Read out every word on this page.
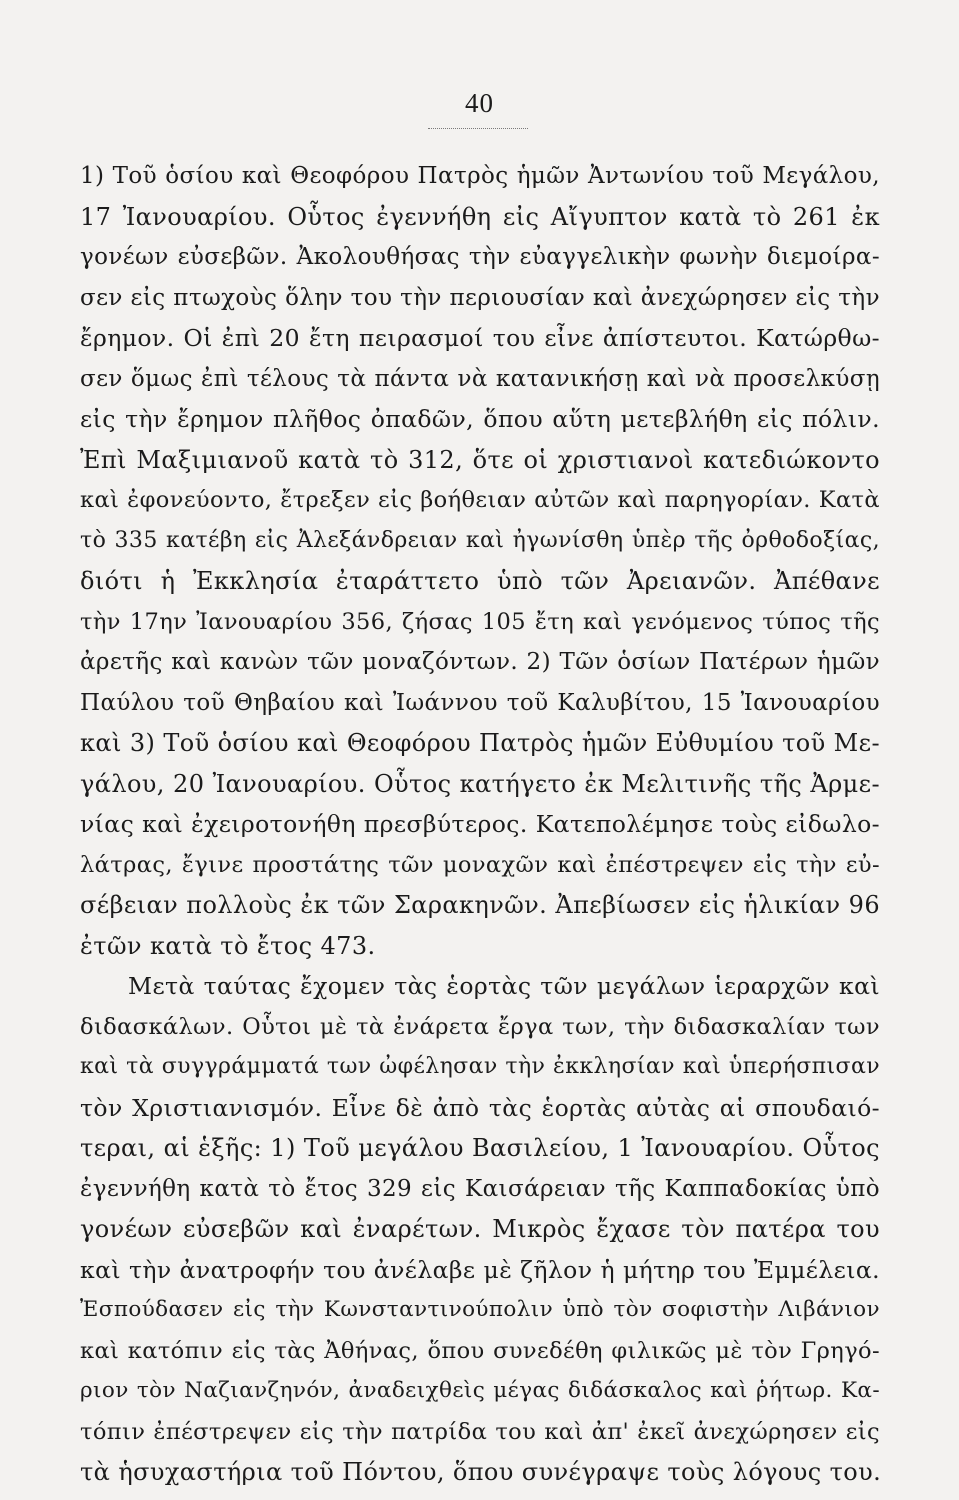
40
1) Τοῦ ὁσίου καὶ Θεοφόρου Πατρὸς ἡμῶν Ἀντωνίου τοῦ Μεγάλου,
17 Ἰανουαρίου. Οὗτος ἐγεννήθη εἰς Αἴγυπτον κατὰ τὸ 261 ἐκ
γονέων εὐσεβῶν. Ἀκολουθήσας τὴν εὐαγγελικὴν φωνὴν διεμοίρα-
σεν εἰς πτωχοὺς ὅλην του τὴν περιουσίαν καὶ ἀνεχώρησεν εἰς τὴν
ἔρημον. Οἱ ἐπὶ 20 ἔτη πειρασμοί του εἶνε ἀπίστευτοι. Κατώρθω-
σεν ὅμως ἐπὶ τέλους τὰ πάντα νὰ κατανικήσῃ καὶ νὰ προσελκύσῃ
εἰς τὴν ἔρημον πλῆθος ὀπαδῶν, ὅπου αὕτη μετεβλήθη εἰς πόλιν.
Ἐπὶ Μαξιμιανοῦ κατὰ τὸ 312, ὅτε οἱ χριστιανοὶ κατεδιώκοντο
καὶ ἐφονεύοντο, ἔτρεξεν εἰς βοήθειαν αὐτῶν καὶ παρηγορίαν. Κατὰ
τὸ 335 κατέβη εἰς Ἀλεξάνδρειαν καὶ ἠγωνίσθη ὑπὲρ τῆς ὀρθοδοξίας,
διότι ἡ Ἐκκλησία ἐταράττετο ὑπὸ τῶν Ἀρειανῶν. Ἀπέθανε
τὴν 17ην Ἰανουαρίου 356, ζήσας 105 ἔτη καὶ γενόμενος τύπος τῆς
ἀρετῆς καὶ κανὼν τῶν μοναζόντων. 2) Τῶν ὁσίων Πατέρων ἡμῶν
Παύλου τοῦ Θηβαίου καὶ Ἰωάννου τοῦ Καλυβίτου, 15 Ἰανουαρίου
καὶ 3) Τοῦ ὁσίου καὶ Θεοφόρου Πατρὸς ἡμῶν Εὐθυμίου τοῦ Με-
γάλου, 20 Ἰανουαρίου. Οὗτος κατήγετο ἐκ Μελιτινῆς τῆς Ἀρμε-
νίας καὶ ἐχειροτονήθη πρεσβύτερος. Κατεπολέμησε τοὺς εἰδωλο-
λάτρας, ἔγινε προστάτης τῶν μοναχῶν καὶ ἐπέστρεψεν εἰς τὴν εὐ-
σέβειαν πολλοὺς ἐκ τῶν Σαρακηνῶν. Ἀπεβίωσεν εἰς ἡλικίαν 96
ἐτῶν κατὰ τὸ ἔτος 473.
Μετὰ ταύτας ἔχομεν τὰς ἑορτὰς τῶν μεγάλων ἱεραρχῶν καὶ
διδασκάλων. Οὗτοι μὲ τὰ ἐνάρετα ἔργα των, τὴν διδασκαλίαν των
καὶ τὰ συγγράμματά των ὠφέλησαν τὴν ἐκκλησίαν καὶ ὑπερήσπισαν
τὸν Χριστιανισμόν. Εἶνε δὲ ἀπὸ τὰς ἑορτὰς αὐτὰς αἱ σπουδαιό-
τεραι, αἱ ἑξῆς: 1) Τοῦ μεγάλου Βασιλείου, 1 Ἰανουαρίου. Οὗτος
ἐγεννήθη κατὰ τὸ ἔτος 329 εἰς Καισάρειαν τῆς Καππαδοκίας ὑπὸ
γονέων εὐσεβῶν καὶ ἐναρέτων. Μικρὸς ἔχασε τὸν πατέρα του
καὶ τὴν ἀνατροφήν του ἀνέλαβε μὲ ζῆλον ἡ μήτηρ του Ἐμμέλεια.
Ἐσπούδασεν εἰς τὴν Κωνσταντινούπολιν ὑπὸ τὸν σοφιστὴν Λιβάνιον
καὶ κατόπιν εἰς τὰς Ἀθήνας, ὅπου συνεδέθη φιλικῶς μὲ τὸν Γρηγό-
ριον τὸν Ναζιανζηνόν, ἀναδειχθεὶς μέγας διδάσκαλος καὶ ῥήτωρ. Κα-
τόπιν ἐπέστρεψεν εἰς τὴν πατρίδα του καὶ ἀπ' ἐκεῖ ἀνεχώρησεν εἰς
τὰ ἡσυχαστήρια τοῦ Πόντου, ὅπου συνέγραψε τοὺς λόγους του.
